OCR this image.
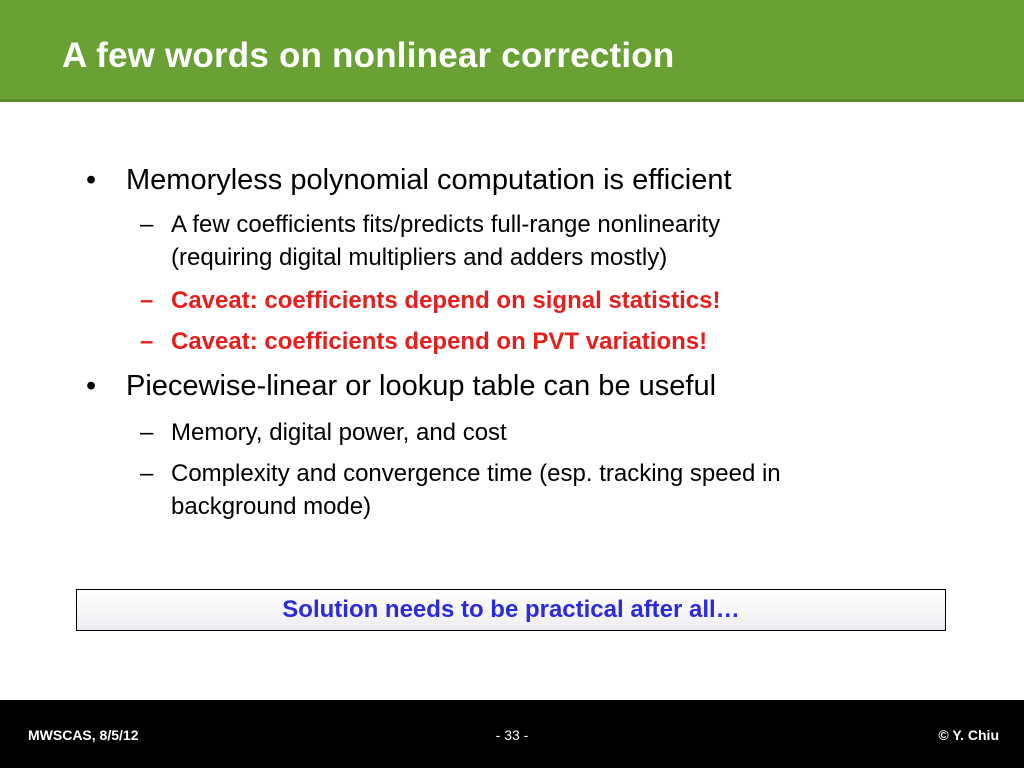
A few words on nonlinear correction
• Memoryless polynomial computation is efficient
– A few coefficients fits/predicts full-range nonlinearity
(requiring digital multipliers and adders mostly)
– Caveat: coefficients depend on signal statistics!
– Caveat: coefficients depend on PVT variations!
• Piecewise-linear or lookup table can be useful
– Memory, digital power, and cost
– Complexity and convergence time (esp. tracking speed in
background mode)
Solution needs to be practical after all…
MWSCAS, 8/5/12	- 33 -	© Y. Chiu
